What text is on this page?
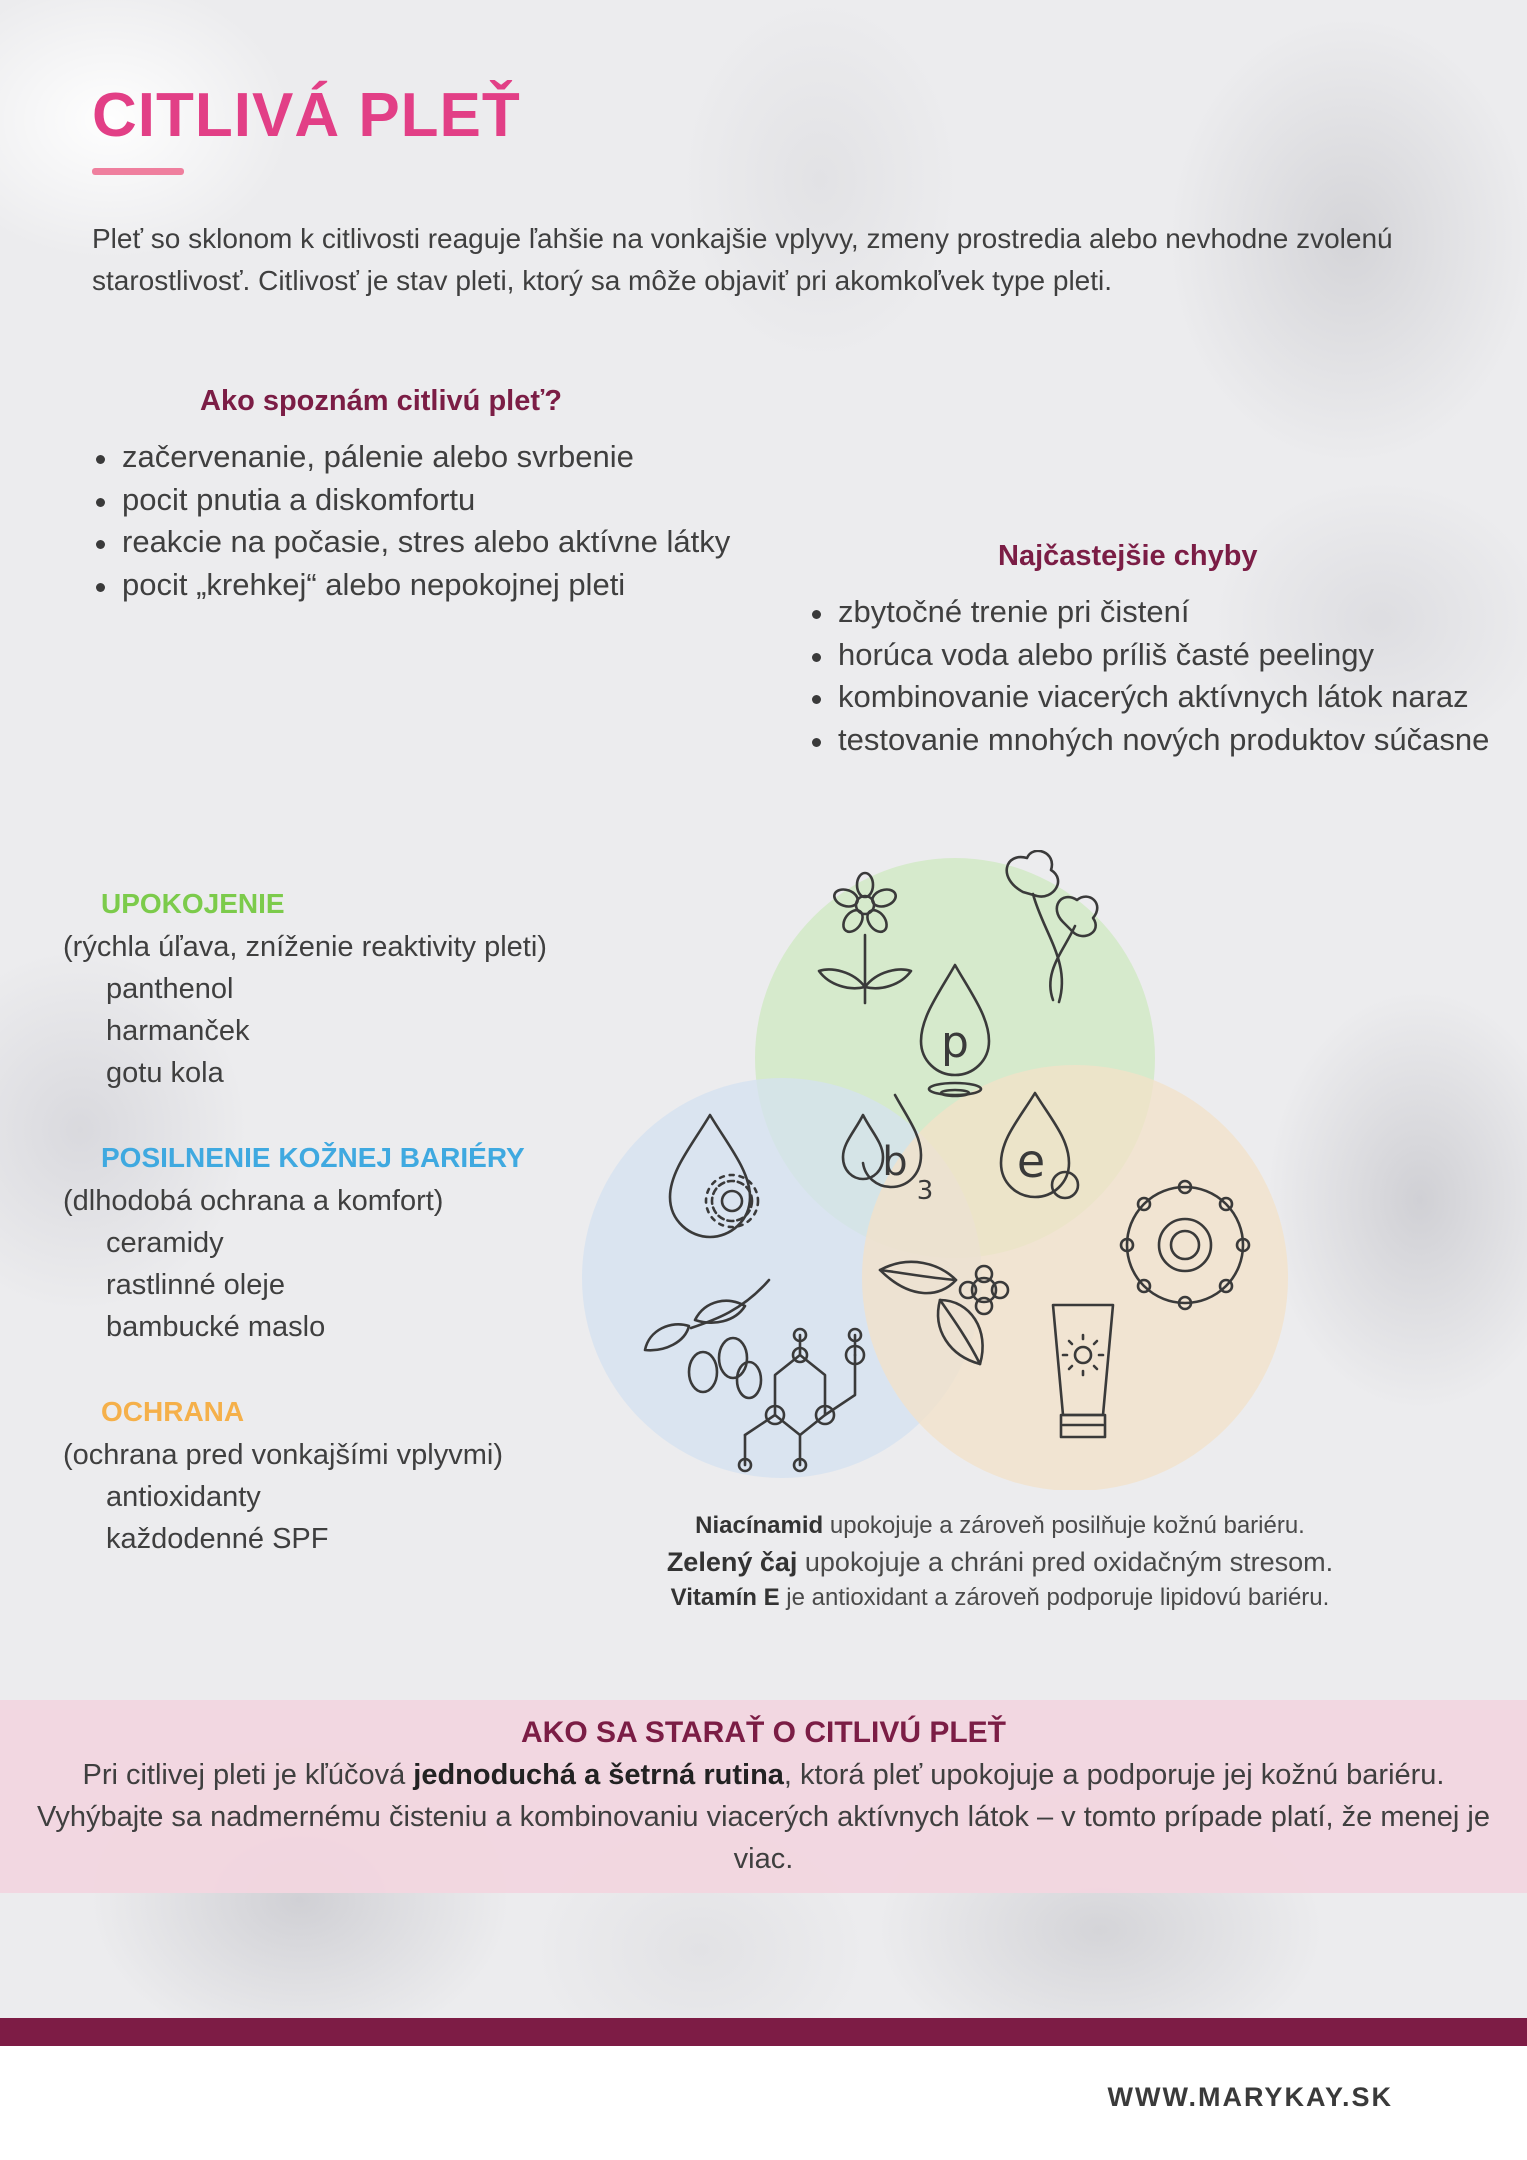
CITLIVÁ PLEŤ

Pleť so sklonom k citlivosti reaguje ľahšie na vonkajšie vplyvy, zmeny prostredia alebo nevhodne zvolenú starostlivosť. Citlivosť je stav pleti, ktorý sa môže objaviť pri akomkoľvek type pleti.

Ako spoznám citlivú pleť?

začervenanie, pálenie alebo svrbenie
pocit pnutia a diskomfortu
reakcie na počasie, stres alebo aktívne látky
pocit „krehkej“ alebo nepokojnej pleti

Najčastejšie chyby

zbytočné trenie pri čistení
horúca voda alebo príliš časté peelingy
kombinovanie viacerých aktívnych látok naraz
testovanie mnohých nových produktov súčasne

UPOKOJENIE

(rýchla úľava, zníženie reaktivity pleti)

panthenol

harmanček

gotu kola

POSILNENIE KOŽNEJ BARIÉRY

(dlhodobá ochrana a komfort)

ceramidy

rastlinné oleje

bambucké maslo

OCHRANA

(ochrana pred vonkajšími vplyvmi)

antioxidanty

každodenné SPF

p
b
3
e
Niacínamid upokojuje a zároveň posilňuje kožnú bariéru.
Zelený čaj upokojuje a chráni pred oxidačným stresom.
Vitamín E je antioxidant a zároveň podporuje lipidovú bariéru.

AKO SA STARAŤ O CITLIVÚ PLEŤ

Pri citlivej pleti je kľúčová jednoduchá a šetrná rutina, ktorá pleť upokojuje a podporuje jej kožnú bariéru. Vyhýbajte sa nadmernému čisteniu a kombinovaniu viacerých aktívnych látok – v tomto prípade platí, že menej je viac.

WWW.MARYKAY.SK
